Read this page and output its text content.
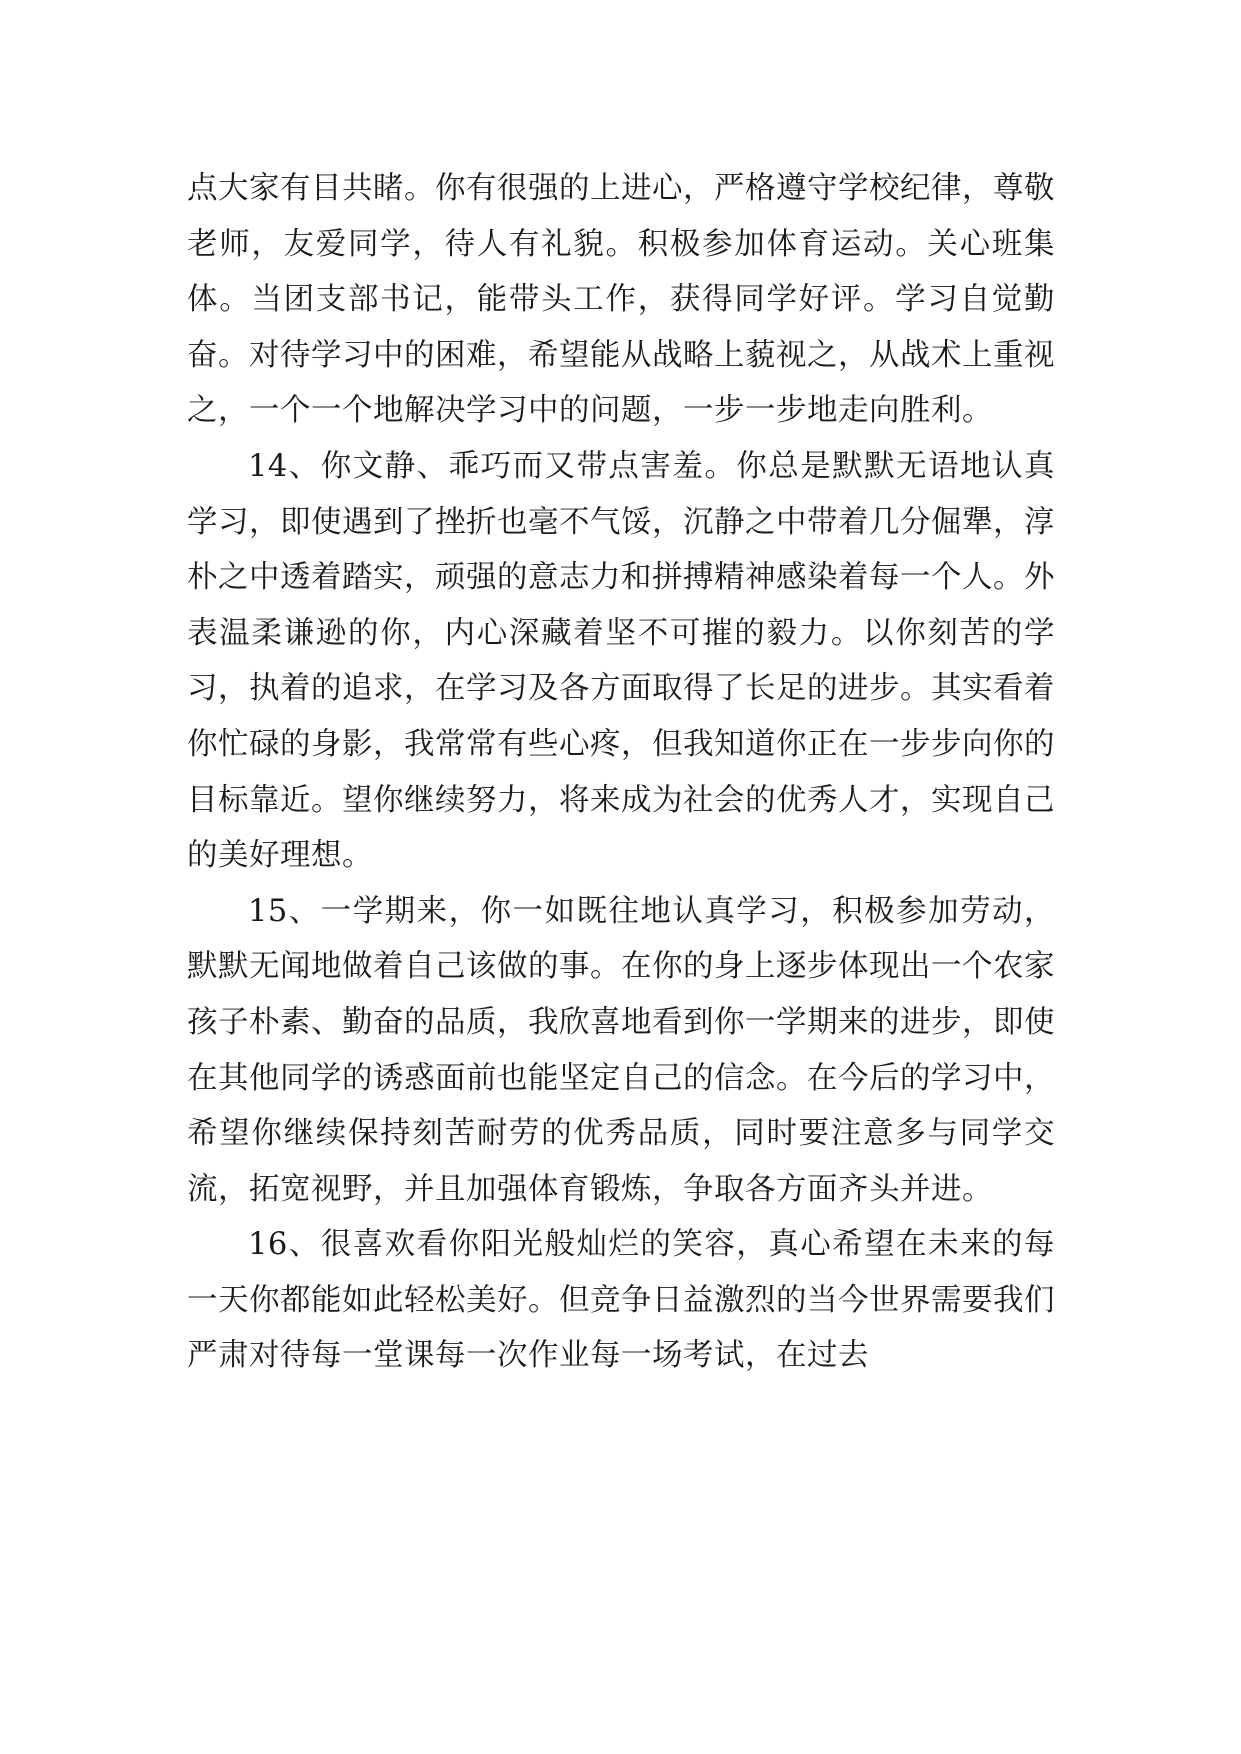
点大家有目共睹。你有很强的上进心，严格遵守学校纪律，尊敬老师，友爱同学，待人有礼貌。积极参加体育运动。关心班集体。当团支部书记，能带头工作，获得同学好评。学习自觉勤奋。对待学习中的困难，希望能从战略上藐视之，从战术上重视之，一个一个地解决学习中的问题，一步一步地走向胜利。

14、你文静、乖巧而又带点害羞。你总是默默无语地认真学习，即使遇到了挫折也毫不气馁，沉静之中带着几分倔犟，淳朴之中透着踏实，顽强的意志力和拼搏精神感染着每一个人。外表温柔谦逊的你，内心深藏着坚不可摧的毅力。以你刻苦的学习，执着的追求，在学习及各方面取得了长足的进步。其实看着你忙碌的身影，我常常有些心疼，但我知道你正在一步步向你的目标靠近。望你继续努力，将来成为社会的优秀人才，实现自己的美好理想。

15、一学期来，你一如既往地认真学习，积极参加劳动，默默无闻地做着自己该做的事。在你的身上逐步体现出一个农家孩子朴素、勤奋的品质，我欣喜地看到你一学期来的进步，即使在其他同学的诱惑面前也能坚定自己的信念。在今后的学习中，希望你继续保持刻苦耐劳的优秀品质，同时要注意多与同学交流，拓宽视野，并且加强体育锻炼，争取各方面齐头并进。

16、很喜欢看你阳光般灿烂的笑容，真心希望在未来的每一天你都能如此轻松美好。但竞争日益激烈的当今世界需要我们严肃对待每一堂课每一次作业每一场考试，在过去
